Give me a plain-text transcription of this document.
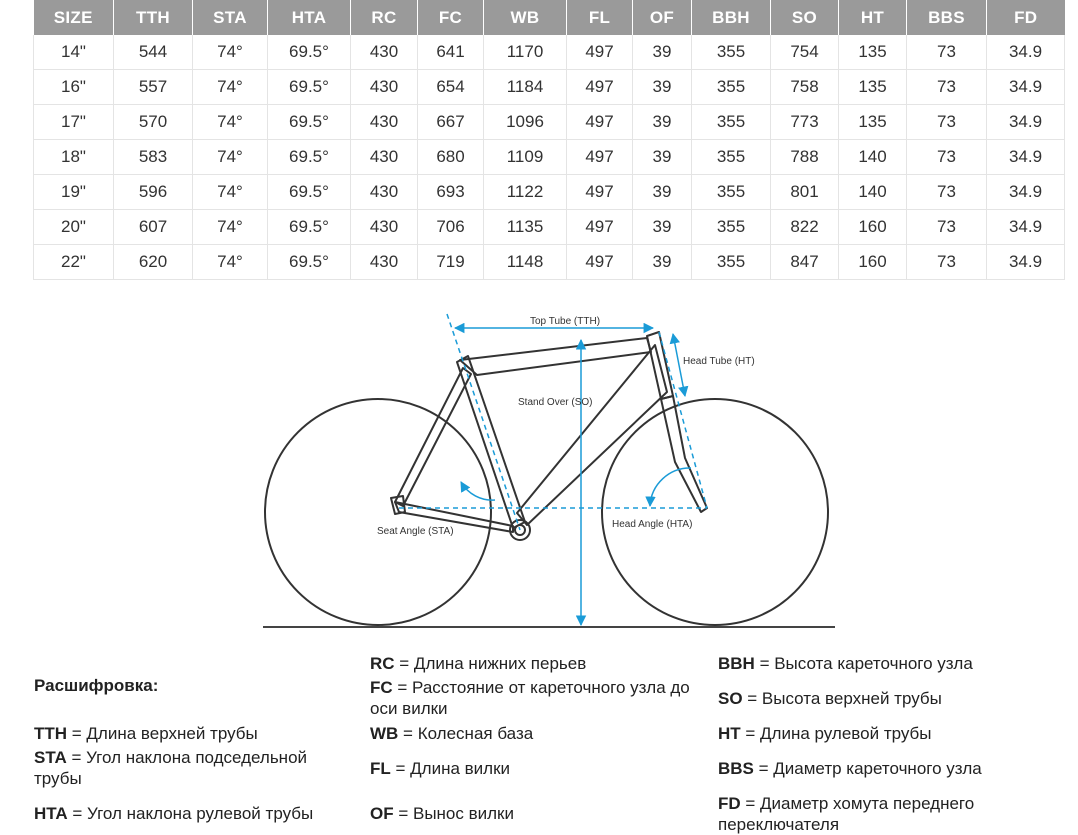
SIZE	TTH	STA	HTA	RC	FC	WB	FL	OF	BBH	SO	HT	BBS	FD
14"	544	74°	69.5°	430	641	1170	497	39	355	754	135	73	34.9
16"	557	74°	69.5°	430	654	1184	497	39	355	758	135	73	34.9
17"	570	74°	69.5°	430	667	1096	497	39	355	773	135	73	34.9
18"	583	74°	69.5°	430	680	1109	497	39	355	788	140	73	34.9
19"	596	74°	69.5°	430	693	1122	497	39	355	801	140	73	34.9
20"	607	74°	69.5°	430	706	1135	497	39	355	822	160	73	34.9
22"	620	74°	69.5°	430	719	1148	497	39	355	847	160	73	34.9
Top Tube (TTH)
Head Tube (HT)
Stand Over (SO)
Seat Angle (STA)
Head Angle (HTA)
Расшифровка:
TTH = Длина верхней трубы
STA = Угол наклона подседельной трубы
HTA = Угол наклона рулевой трубы
RC = Длина нижних перьев
FC = Расстояние от кареточного узла до оси вилки
WB = Колесная база
FL = Длина вилки
OF = Вынос вилки
BBH = Высота кареточного узла
SO = Высота верхней трубы
HT = Длина рулевой трубы
BBS = Диаметр кареточного узла
FD = Диаметр хомута переднего переключателя
